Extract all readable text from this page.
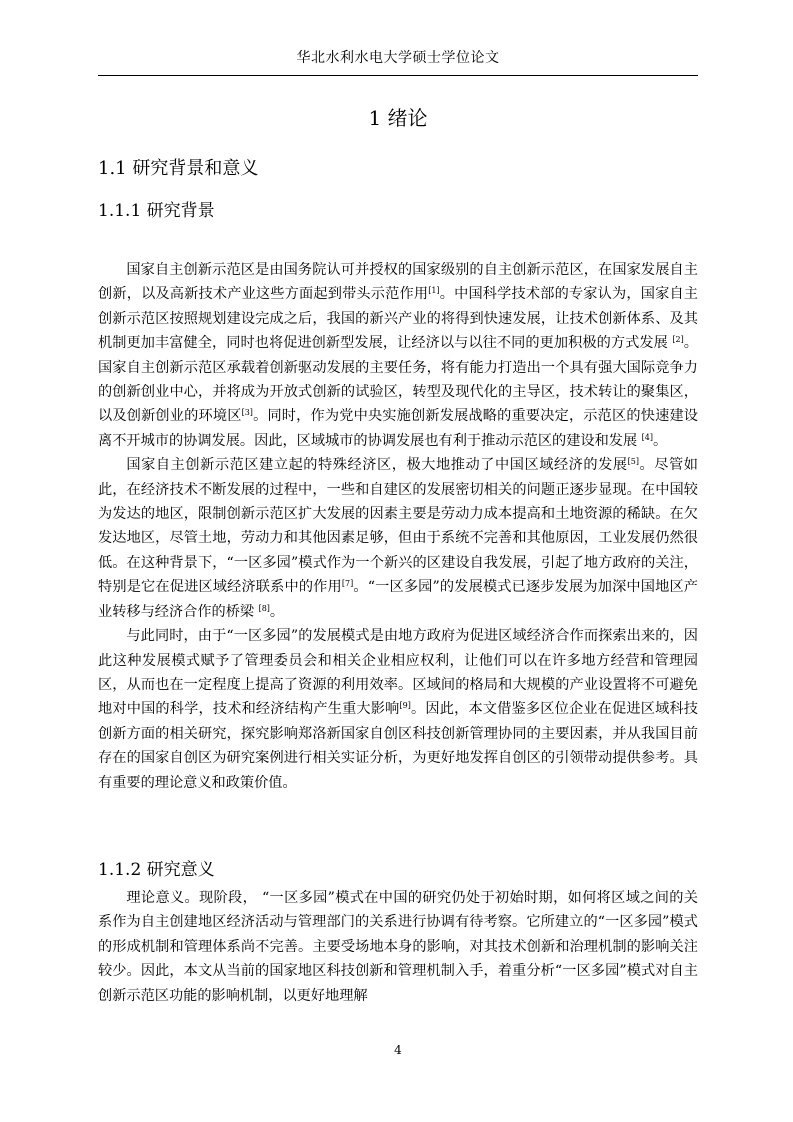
华北水利水电大学硕士学位论文
1 绪论
1.1 研究背景和意义
1.1.1 研究背景

国家自主创新示范区是由国务院认可并授权的国家级别的自主创新示范区，在国家发展自主创新，以及高新技术产业这些方面起到带头示范作用[1]。中国科学技术部的专家认为，国家自主创新示范区按照规划建设完成之后，我国的新兴产业的将得到快速发展，让技术创新体系、及其机制更加丰富健全，同时也将促进创新型发展，让经济以与以往不同的更加积极的方式发展 [2]。国家自主创新示范区承载着创新驱动发展的主要任务，将有能力打造出一个具有强大国际竞争力的创新创业中心，并将成为开放式创新的试验区，转型及现代化的主导区，技术转让的聚集区，以及创新创业的环境区[3]。同时，作为党中央实施创新发展战略的重要决定，示范区的快速建设离不开城市的协调发展。因此，区域城市的协调发展也有利于推动示范区的建设和发展 [4]。

国家自主创新示范区建立起的特殊经济区，极大地推动了中国区域经济的发展[5]。尽管如此，在经济技术不断发展的过程中，一些和自建区的发展密切相关的问题正逐步显现。在中国较为发达的地区，限制创新示范区扩大发展的因素主要是劳动力成本提高和土地资源的稀缺。在欠发达地区，尽管土地，劳动力和其他因素足够，但由于系统不完善和其他原因，工业发展仍然很低。在这种背景下，“一区多园”模式作为一个新兴的区建设自我发展，引起了地方政府的关注，特别是它在促进区域经济联系中的作用[7]。“一区多园”的发展模式已逐步发展为加深中国地区产业转移与经济合作的桥梁 [8]。

与此同时，由于“一区多园”的发展模式是由地方政府为促进区域经济合作而探索出来的，因此这种发展模式赋予了管理委员会和相关企业相应权利，让他们可以在许多地方经营和管理园区，从而也在一定程度上提高了资源的利用效率。区域间的格局和大规模的产业设置将不可避免地对中国的科学，技术和经济结构产生重大影响[9]。因此，本文借鉴多区位企业在促进区域科技创新方面的相关研究，探究影响郑洛新国家自创区科技创新管理协同的主要因素，并从我国目前存在的国家自创区为研究案例进行相关实证分析，为更好地发挥自创区的引领带动提供参考。具有重要的理论意义和政策价值。

1.1.2 研究意义

理论意义。现阶段， “一区多园”模式在中国的研究仍处于初始时期，如何将区域之间的关系作为自主创建地区经济活动与管理部门的关系进行协调有待考察。它所建立的“一区多园”模式的形成机制和管理体系尚不完善。主要受场地本身的影响，对其技术创新和治理机制的影响关注较少。因此，本文从当前的国家地区科技创新和管理机制入手，着重分析“一区多园”模式对自主创新示范区功能的影响机制，以更好地理解

4
